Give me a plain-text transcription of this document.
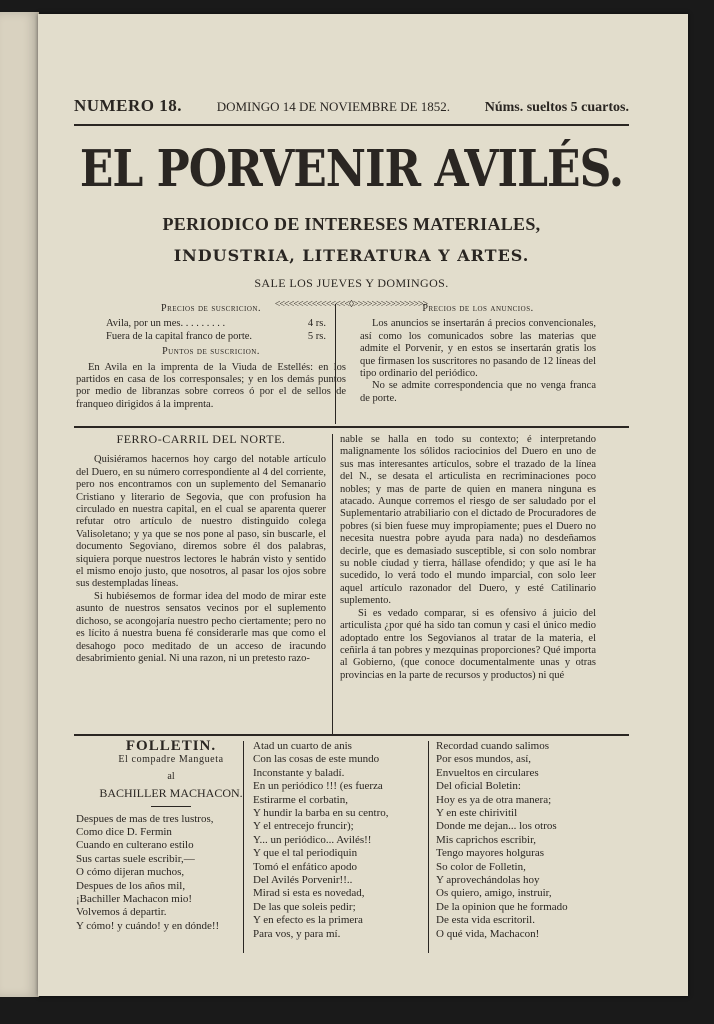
NUMERO 18.	DOMINGO 14 DE NOVIEMBRE DE 1852. Núms. sueltos 5 cuartos.
EL PORVENIR AVILÉS.
PERIODICO DE INTERESES MATERIALES,
INDUSTRIA, LITERATURA Y ARTES.
SALE LOS JUEVES Y DOMINGOS.
<<<<<<<<<<<<<<<<◊>>>>>>>>>>>>>>>>
Precios de suscricion.
Avila, por un mes. . . . . . . . .	4 rs.
Fuera de la capital franco de porte.	5 rs.
Puntos de suscricion.

En Avila en la imprenta de la Viuda de Estellés: en los partidos en casa de los corresponsales; y en los demás puntos por medio de libranzas sobre correos ó por el de sellos de franqueo dirigidos á la imprenta.

Precios de los anuncios.

Los anuncios se insertarán á precios convencionales, así como los comunicados sobre las materias que admite el Porvenir, y en estos se insertarán gratis los que firmasen los suscritores no pasando de 12 líneas del tipo ordinario del periódico.

No se admite correspondencia que no venga franca de porte.

FERRO-CARRIL DEL NORTE.

Quisiéramos hacernos hoy cargo del notable artículo del Duero, en su número correspondiente al 4 del corriente, pero nos encontramos con un suplemento del Semanario Cristiano y literario de Segovia, que con profusion ha circulado en nuestra capital, en el cual se aparenta querer refutar otro artículo de nuestro distinguido colega Valisoletano; y ya que se nos pone al paso, sin buscarle, el documento Segoviano, diremos sobre él dos palabras, siquiera porque nuestros lectores le habrán visto y sentido el mismo enojo justo, que nosotros, al pasar los ojos sobre sus destempladas líneas.

Si hubiésemos de formar idea del modo de mirar este asunto de nuestros sensatos vecinos por el suplemento dichoso, se acongojaría nuestro pecho ciertamente; pero no es lícito á nuestra buena fé considerarle mas que como el desahogo poco meditado de un acceso de iracundo desabrimiento genial. Ni una razon, ni un pretesto razo-

nable se halla en todo su contexto; é interpretando malignamente los sólidos raciocinios del Duero en uno de sus mas interesantes artículos, sobre el trazado de la línea del N., se desata el articulista en recriminaciones poco nobles; y mas de parte de quien en manera ninguna es atacado. Aunque corremos el riesgo de ser saludado por el Suplementario atrabiliario con el dictado de Procuradores de pobres (si bien fuese muy impropiamente; pues el Duero no necesita nuestra pobre ayuda para nada) no desdeñamos decirle, que es demasiado susceptible, si con solo nombrar su noble ciudad y tierra, hállase ofendido; y que así le ha sucedido, lo verá todo el mundo imparcial, con solo leer aquel artículo razonador del Duero, y esté Catilinario suplemento.

Si es vedado comparar, si es ofensivo á juicio del articulista ¿por qué ha sido tan comun y casi el único medio adoptado entre los Segovianos al tratar de la materia, el ceñirla á tan pobres y mezquinas proporciones? Qué importa al Gobierno, (que conoce documentalmente unas y otras provincias en la parte de recursos y productos) ni qué

FOLLETIN.
El compadre Mangueta
al
BACHILLER MACHACON.
Despues de mas de tres lustros,
Como dice D. Fermin
Cuando en culterano estilo
Sus cartas suele escribir,—
O cómo dijeran muchos,
Despues de los años mil,
¡Bachiller Machacon mio!
Volvemos á departir.
Y cómo! y cuándo! y en dónde!!
Atad un cuarto de anis
Con las cosas de este mundo
Inconstante y baladí.
En un periódico !!! (es fuerza
Estirarme el corbatin,
Y hundir la barba en su centro,
Y el entrecejo fruncir);
Y... un periódico... Avilés!!
Y que el tal periodiquin
Tomó el enfático apodo
Del Avilés Porvenir!!..
Mirad si esta es novedad,
De las que soleis pedir;
Y en efecto es la primera
Para vos, y para mí.
Recordad cuando salimos
Por esos mundos, así,
Envueltos en circulares
Del oficial Boletin:
Hoy es ya de otra manera;
Y en este chirivitil
Donde me dejan... los otros
Mis caprichos escribir,
Tengo mayores holguras
So color de Folletin,
Y aprovechándolas hoy
Os quiero, amigo, instruir,
De la opinion que he formado
De esta vida escritoril.
O qué vida, Machacon!
